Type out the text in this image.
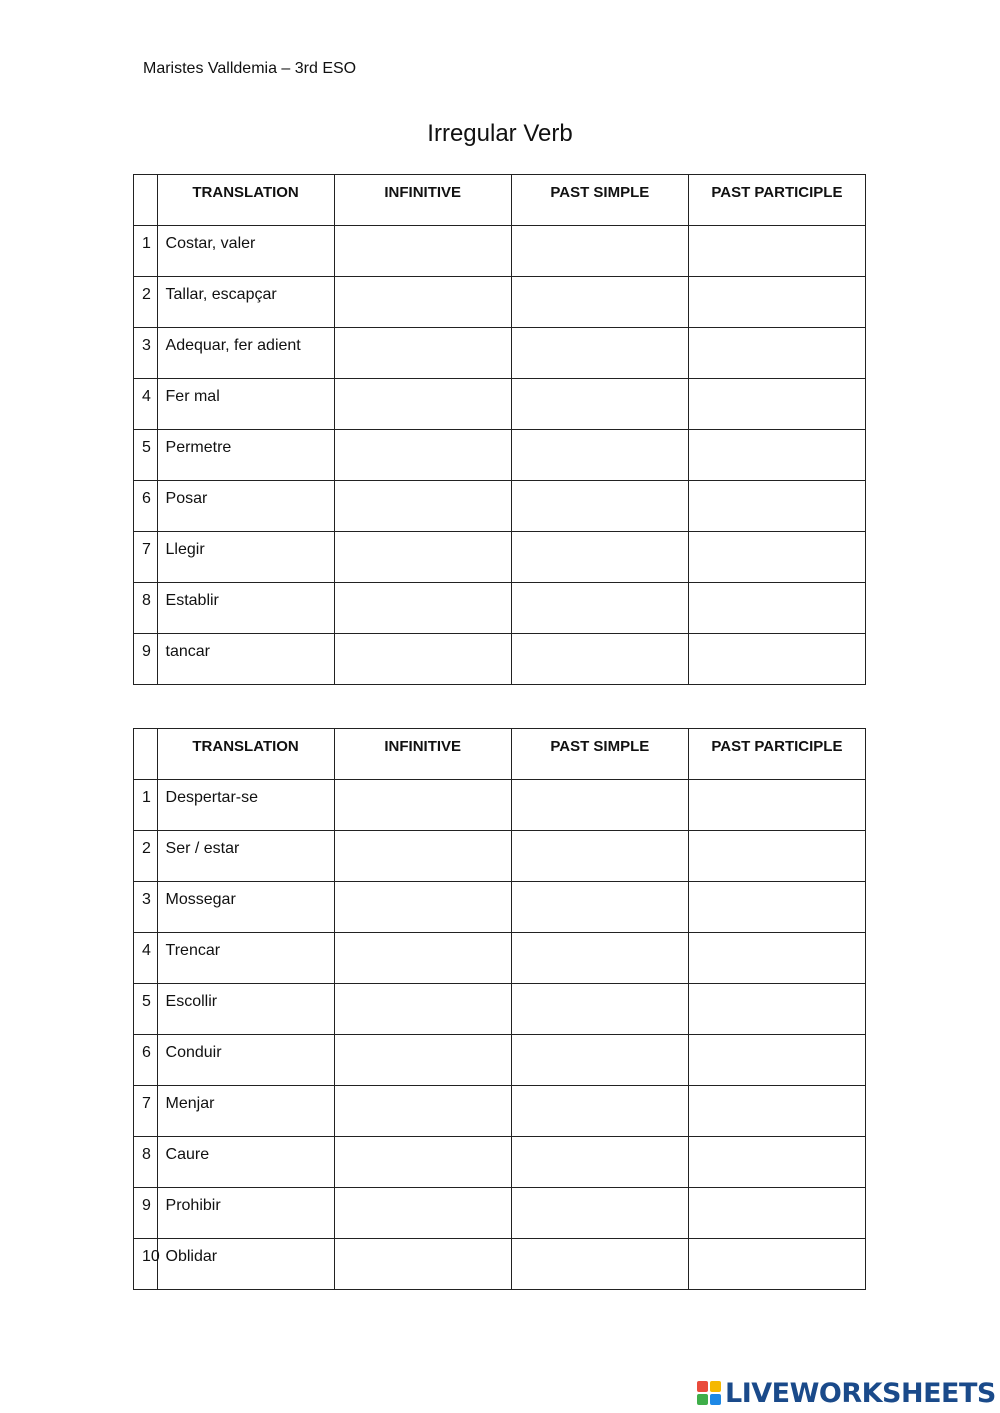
Maristes Valldemia – 3rd ESO
Irregular Verb
	TRANSLATION	INFINITIVE	PAST SIMPLE	PAST PARTICIPLE
1	Costar, valer			
2	Tallar, escapçar			
3	Adequar, fer adient			
4	Fer mal			
5	Permetre			
6	Posar			
7	Llegir			
8	Establir			
9	tancar			
	TRANSLATION	INFINITIVE	PAST SIMPLE	PAST PARTICIPLE
1	Despertar-se			
2	Ser / estar			
3	Mossegar			
4	Trencar			
5	Escollir			
6	Conduir			
7	Menjar			
8	Caure			
9	Prohibir			
10	Oblidar			
LIVEWORKSHEETS
